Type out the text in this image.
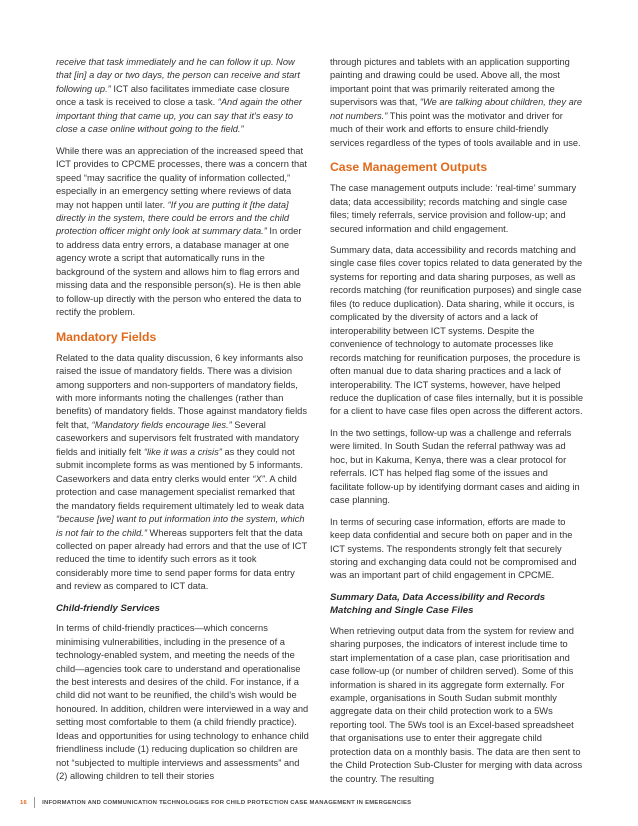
receive that task immediately and he can follow it up. Now that [in] a day or two days, the person can receive and start following up.” ICT also facilitates immediate case closure once a task is received to close a task. “And again the other important thing that came up, you can say that it’s easy to close a case online without going to the field.”

While there was an appreciation of the increased speed that ICT provides to CPCME processes, there was a concern that speed “may sacrifice the quality of information collected,” especially in an emergency setting where reviews of data may not happen until later. “If you are putting it [the data] directly in the system, there could be errors and the child protection officer might only look at summary data.” In order to address data entry errors, a database manager at one agency wrote a script that automatically runs in the background of the system and allows him to flag errors and missing data and the responsible person(s). He is then able to follow-up directly with the person who entered the data to rectify the problem.

Mandatory Fields

Related to the data quality discussion, 6 key informants also raised the issue of mandatory fields. There was a division among supporters and non-supporters of mandatory fields, with more informants noting the challenges (rather than benefits) of mandatory fields. Those against mandatory fields felt that, “Mandatory fields encourage lies.” Several caseworkers and supervisors felt frustrated with mandatory fields and initially felt “like it was a crisis” as they could not submit incomplete forms as was mentioned by 5 informants. Caseworkers and data entry clerks would enter “X”. A child protection and case management specialist remarked that the mandatory fields requirement ultimately led to weak data “because [we] want to put information into the system, which is not fair to the child.” Whereas supporters felt that the data collected on paper already had errors and that the use of ICT reduced the time to identify such errors as it took considerably more time to send paper forms for data entry and review as compared to ICT data.

Child-friendly Services

In terms of child-friendly practices—which concerns minimising vulnerabilities, including in the presence of a technology-enabled system, and meeting the needs of the child—agencies took care to understand and operationalise the best interests and desires of the child. For instance, if a child did not want to be reunified, the child’s wish would be honoured. In addition, children were interviewed in a way and setting most comfortable to them (a child friendly practice). Ideas and opportunities for using technology to enhance child friendliness include (1) reducing duplication so children are not “subjected to multiple interviews and assessments” and (2) allowing children to tell their stories

through pictures and tablets with an application supporting painting and drawing could be used. Above all, the most important point that was primarily reiterated among the supervisors was that, “We are talking about children, they are not numbers.” This point was the motivator and driver for much of their work and efforts to ensure child-friendly services regardless of the types of tools available and in use.

Case Management Outputs

The case management outputs include: ‘real-time’ summary data; data accessibility; records matching and single case files; timely referrals, service provision and follow-up; and secured information and child engagement.

Summary data, data accessibility and records matching and single case files cover topics related to data generated by the systems for reporting and data sharing purposes, as well as records matching (for reunification purposes) and single case files (to reduce duplication). Data sharing, while it occurs, is complicated by the diversity of actors and a lack of interoperability between ICT systems. Despite the convenience of technology to automate processes like records matching for reunification purposes, the procedure is often manual due to data sharing practices and a lack of interoperability. The ICT systems, however, have helped reduce the duplication of case files internally, but it is possible for a client to have case files open across the different actors.

In the two settings, follow-up was a challenge and referrals were limited. In South Sudan the referral pathway was ad hoc, but in Kakuma, Kenya, there was a clear protocol for referrals. ICT has helped flag some of the issues and facilitate follow-up by identifying dormant cases and aiding in case planning.

In terms of securing case information, efforts are made to keep data confidential and secure both on paper and in the ICT systems. The respondents strongly felt that securely storing and exchanging data could not be compromised and was an important part of child engagement in CPCME.

Summary Data, Data Accessibility and Records Matching and Single Case Files

When retrieving output data from the system for review and sharing purposes, the indicators of interest include time to start implementation of a case plan, case prioritisation and case follow-up (or number of children served). Some of this information is shared in its aggregate form externally. For example, organisations in South Sudan submit monthly aggregate data on their child protection work to a 5Ws reporting tool. The 5Ws tool is an Excel-based spreadsheet that organisations use to enter their aggregate child protection data on a monthly basis. The data are then sent to the Child Protection Sub-Cluster for merging with data across the country. The resulting

16	INFORMATION AND COMMUNICATION TECHNOLOGIES FOR CHILD PROTECTION CASE MANAGEMENT IN EMERGENCIES
